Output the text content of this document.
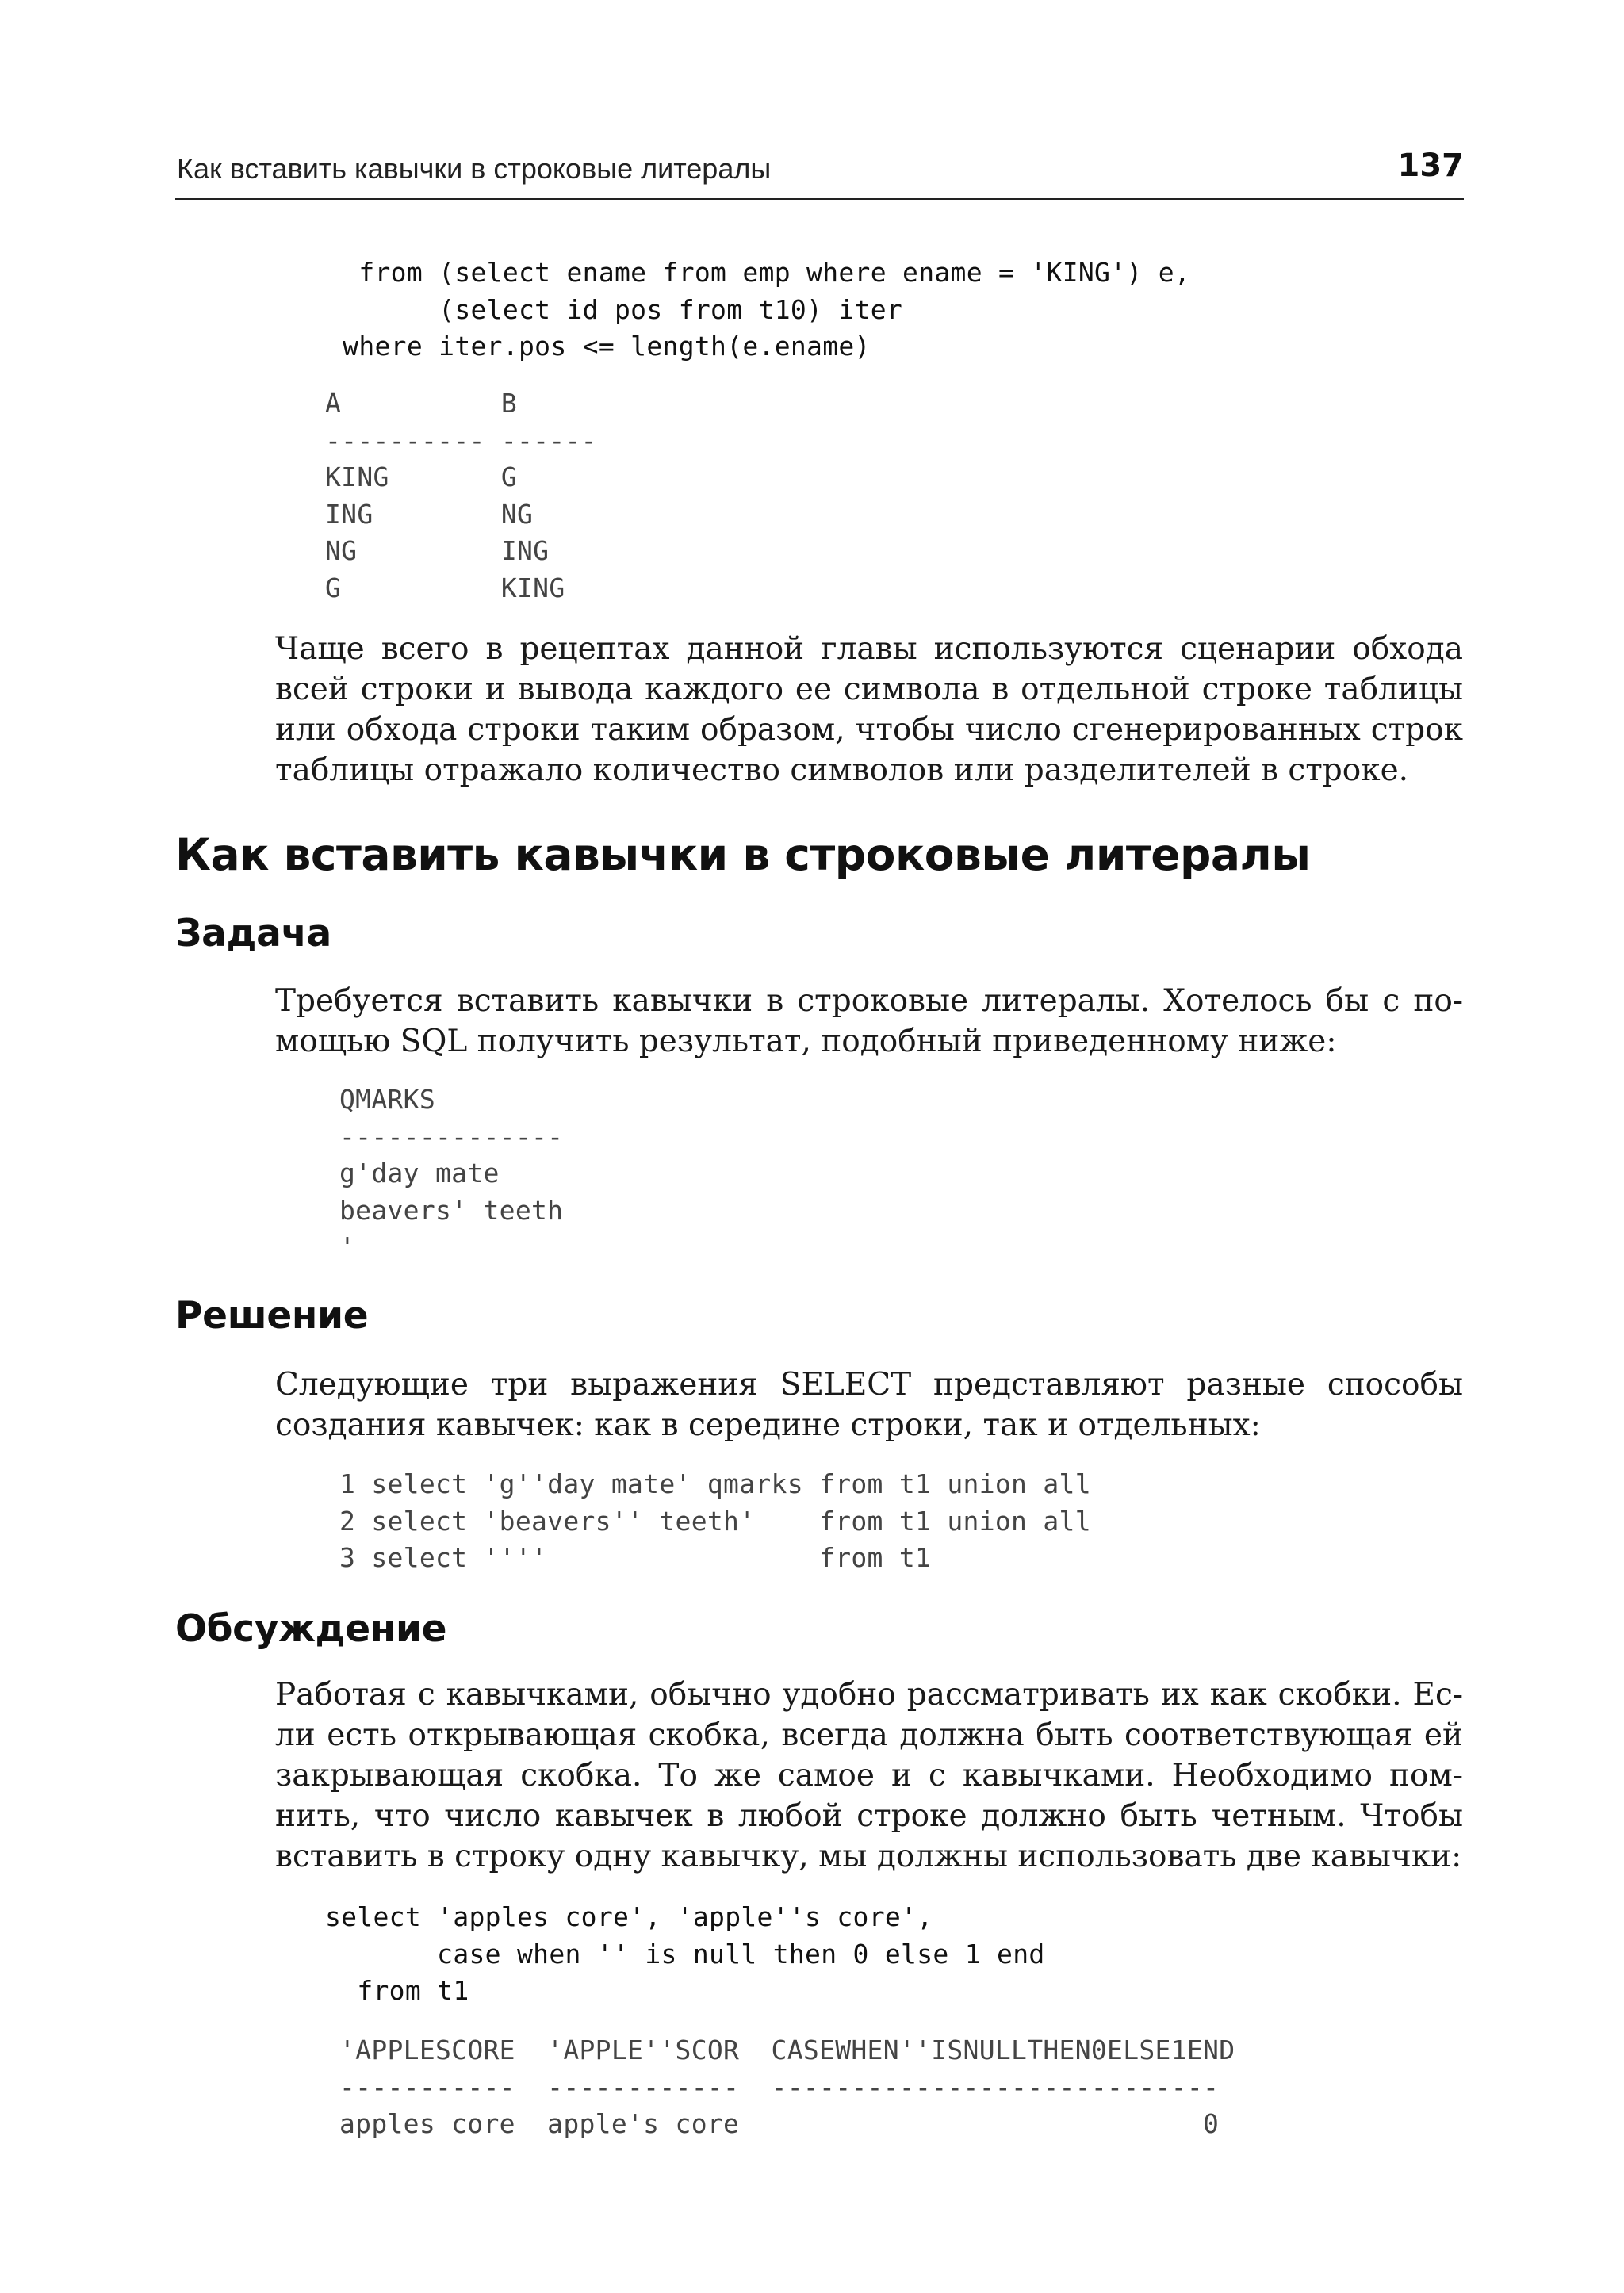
Как вставить кавычки в строковые литералы	137
from (select ename from emp where ename = 'KING') e,
(select id pos from t10) iter
where iter.pos <= length(e.ename)
A          B
---------- ------
KING       G
ING        NG
NG         ING
G          KING

Чаще всего в рецептах данной главы используются сценарии обхода
всей строки и вывода каждого ее символа в отдельной строке таблицы
или обхода строки таким образом, чтобы число сгенерированных строк
таблицы отражало количество символов или разделителей в строке.

Как вставить кавычки в строковые литералы
Задача

Требуется вставить кавычки в строковые литералы. Хотелось бы с по-
мощью SQL получить результат, подобный приведенному ниже:

QMARKS
--------------
g'day mate
beavers' teeth
'
Решение

Следующие три выражения SELECT представляют разные способы
создания кавычек: как в середине строки, так и отдельных:

1 select 'g''day mate' qmarks from t1 union all
2 select 'beavers'' teeth'    from t1 union all
3 select ''''                 from t1
Обсуждение

Работая с кавычками, обычно удобно рассматривать их как скобки. Ес-
ли есть открывающая скобка, всегда должна быть соответствующая ей
закрывающая скобка. То же самое и с кавычками. Необходимо пом-
нить, что число кавычек в любой строке должно быть четным. Чтобы
вставить в строку одну кавычку, мы должны использовать две кавычки:

select 'apples core', 'apple''s core',
case when '' is null then 0 else 1 end
from t1
'APPLESCORE  'APPLE''SCOR  CASEWHEN''ISNULLTHEN0ELSE1END
-----------  ------------  ----------------------------
apples core  apple's core                             0
